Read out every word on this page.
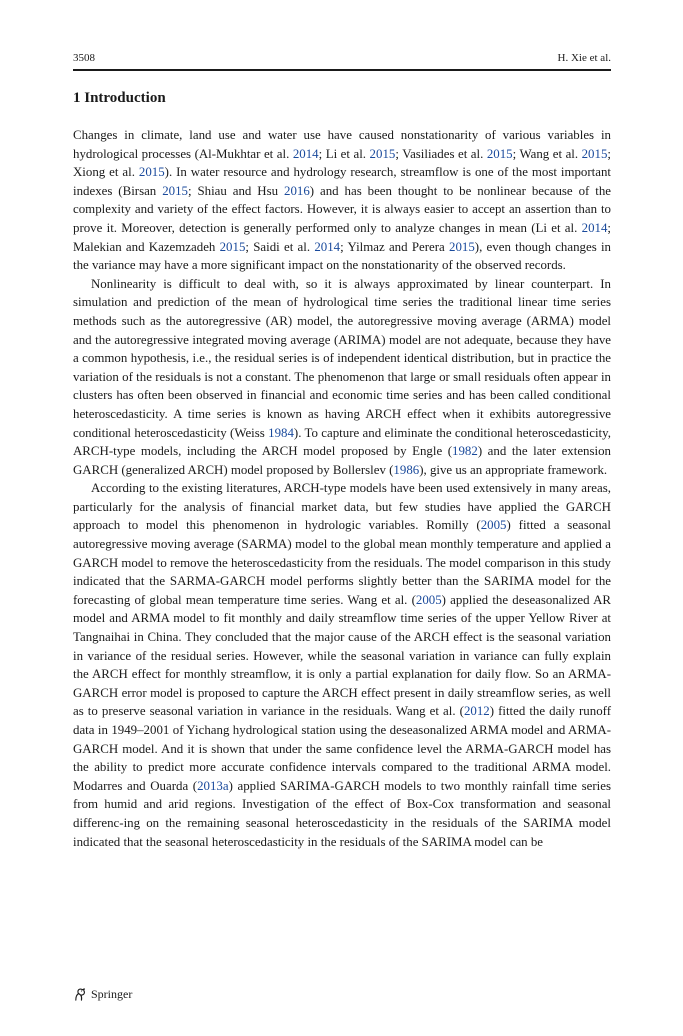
3508	H. Xie et al.
1 Introduction

Changes in climate, land use and water use have caused nonstationarity of various variables in hydrological processes (Al-Mukhtar et al. 2014; Li et al. 2015; Vasiliades et al. 2015; Wang et al. 2015; Xiong et al. 2015). In water resource and hydrology research, streamflow is one of the most important indexes (Birsan 2015; Shiau and Hsu 2016) and has been thought to be nonlinear because of the complexity and variety of the effect factors. However, it is always easier to accept an assertion than to prove it. Moreover, detection is generally performed only to analyze changes in mean (Li et al. 2014; Malekian and Kazemzadeh 2015; Saidi et al. 2014; Yilmaz and Perera 2015), even though changes in the variance may have a more significant impact on the nonstationarity of the observed records.

Nonlinearity is difficult to deal with, so it is always approximated by linear counterpart. In simulation and prediction of the mean of hydrological time series the traditional linear time series methods such as the autoregressive (AR) model, the autoregressive moving average (ARMA) model and the autoregressive integrated moving average (ARIMA) model are not adequate, because they have a common hypothesis, i.e., the residual series is of independent identical distribution, but in practice the variation of the residuals is not a constant. The phenomenon that large or small residuals often appear in clusters has often been observed in financial and economic time series and has been called conditional heteroscedasticity. A time series is known as having ARCH effect when it exhibits autoregressive conditional heteroscedasticity (Weiss 1984). To capture and eliminate the conditional heteroscedasticity, ARCH-type models, including the ARCH model proposed by Engle (1982) and the later extension GARCH (generalized ARCH) model proposed by Bollerslev (1986), give us an appropriate framework.

According to the existing literatures, ARCH-type models have been used extensively in many areas, particularly for the analysis of financial market data, but few studies have applied the GARCH approach to model this phenomenon in hydrologic variables. Romilly (2005) fitted a seasonal autoregressive moving average (SARMA) model to the global mean monthly temperature and applied a GARCH model to remove the heteroscedasticity from the residuals. The model comparison in this study indicated that the SARMA-GARCH model performs slightly better than the SARIMA model for the forecasting of global mean temperature time series. Wang et al. (2005) applied the deseasonalized AR model and ARMA model to fit monthly and daily streamflow time series of the upper Yellow River at Tangnaihai in China. They concluded that the major cause of the ARCH effect is the seasonal variation in variance of the residual series. However, while the seasonal variation in variance can fully explain the ARCH effect for monthly streamflow, it is only a partial explanation for daily flow. So an ARMA-GARCH error model is proposed to capture the ARCH effect present in daily streamflow series, as well as to preserve seasonal variation in variance in the residuals. Wang et al. (2012) fitted the daily runoff data in 1949–2001 of Yichang hydrological station using the deseasonalized ARMA model and ARMA-GARCH model. And it is shown that under the same confidence level the ARMA-GARCH model has the ability to predict more accurate confidence intervals compared to the traditional ARMA model. Modarres and Ouarda (2013a) applied SARIMA-GARCH models to two monthly rainfall time series from humid and arid regions. Investigation of the effect of Box-Cox transformation and seasonal differenc-ing on the remaining seasonal heteroscedasticity in the residuals of the SARIMA model indicated that the seasonal heteroscedasticity in the residuals of the SARIMA model can be

Springer
